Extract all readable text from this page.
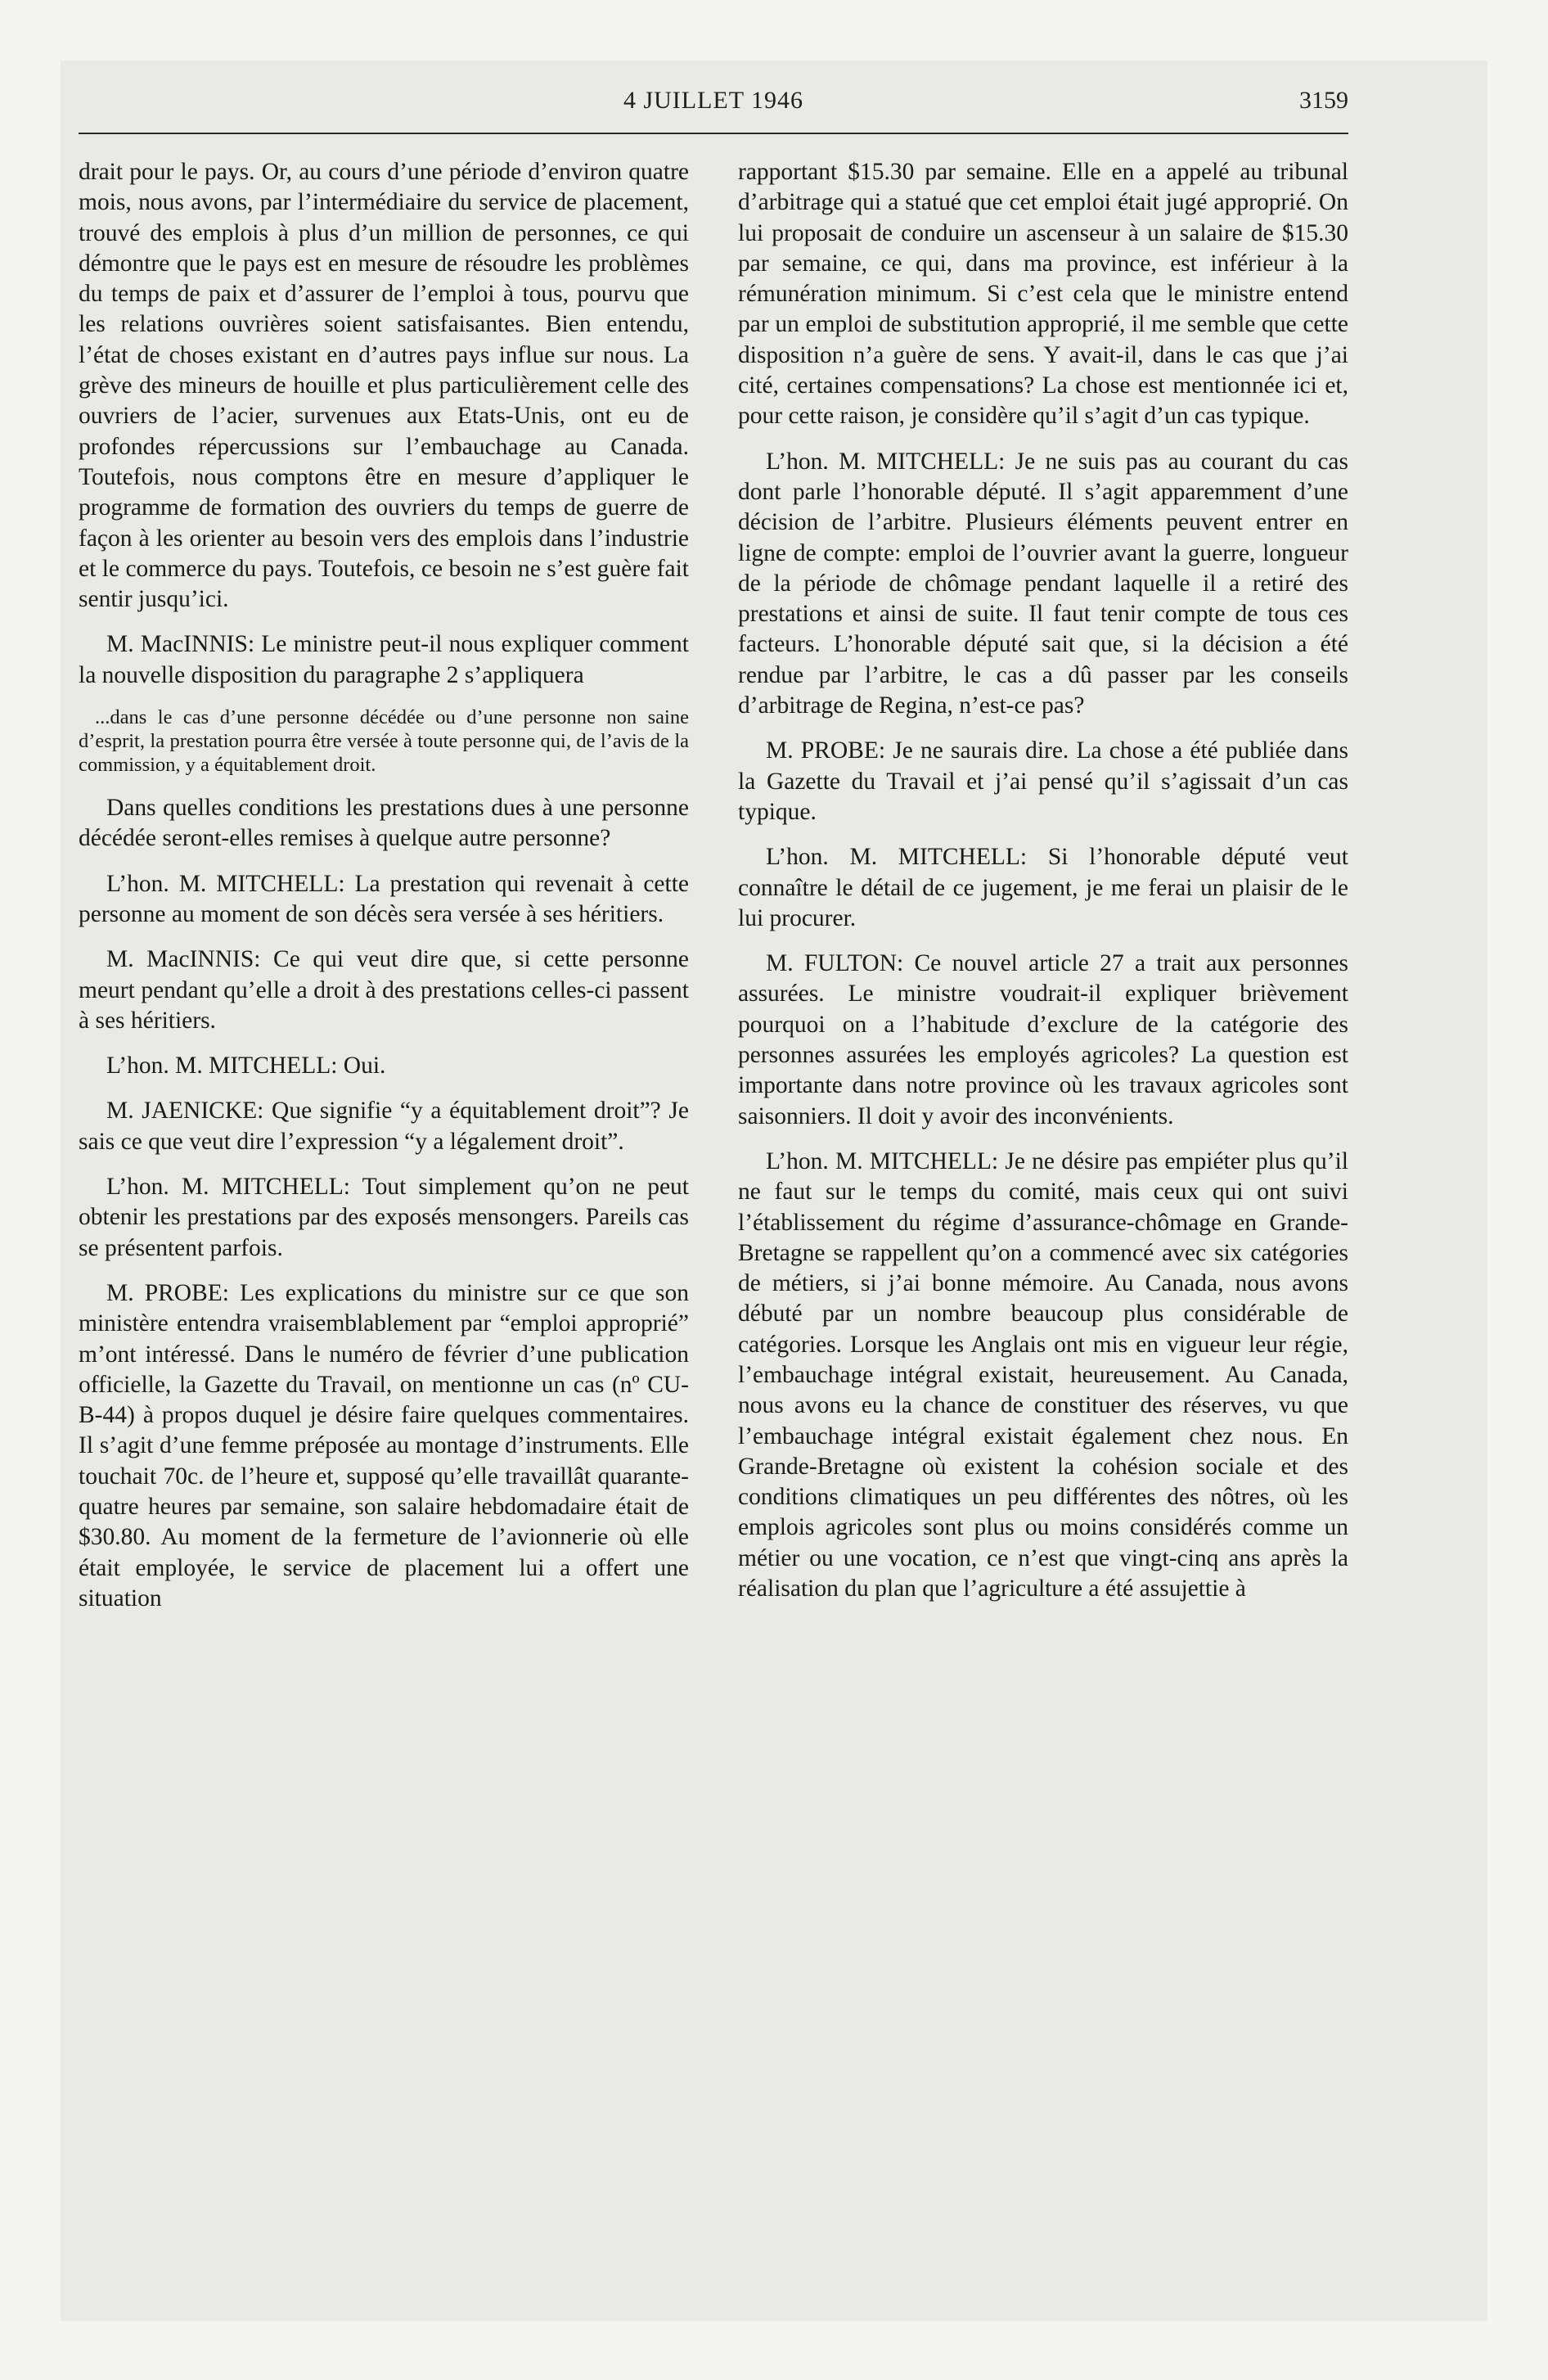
4 JUILLET 1946	3159

drait pour le pays. Or, au cours d’une période d’environ quatre mois, nous avons, par l’intermédiaire du service de placement, trouvé des emplois à plus d’un million de personnes, ce qui démontre que le pays est en mesure de résoudre les problèmes du temps de paix et d’assurer de l’emploi à tous, pourvu que les relations ouvrières soient satisfaisantes. Bien entendu, l’état de choses existant en d’autres pays influe sur nous. La grève des mineurs de houille et plus particulièrement celle des ouvriers de l’acier, survenues aux Etats-Unis, ont eu de profondes répercussions sur l’embauchage au Canada. Toutefois, nous comptons être en mesure d’appliquer le programme de formation des ouvriers du temps de guerre de façon à les orienter au besoin vers des emplois dans l’industrie et le commerce du pays. Toutefois, ce besoin ne s’est guère fait sentir jusqu’ici.

M. MacINNIS: Le ministre peut-il nous expliquer comment la nouvelle disposition du paragraphe 2 s’appliquera

...dans le cas d’une personne décédée ou d’une personne non saine d’esprit, la prestation pourra être versée à toute personne qui, de l’avis de la commission, y a équitablement droit.

Dans quelles conditions les prestations dues à une personne décédée seront-elles remises à quelque autre personne?

L’hon. M. MITCHELL: La prestation qui revenait à cette personne au moment de son décès sera versée à ses héritiers.

M. MacINNIS: Ce qui veut dire que, si cette personne meurt pendant qu’elle a droit à des prestations celles-ci passent à ses héritiers.

L’hon. M. MITCHELL: Oui.

M. JAENICKE: Que signifie “y a équitablement droit”? Je sais ce que veut dire l’expression “y a légalement droit”.

L’hon. M. MITCHELL: Tout simplement qu’on ne peut obtenir les prestations par des exposés mensongers. Pareils cas se présentent parfois.

M. PROBE: Les explications du ministre sur ce que son ministère entendra vraisemblablement par “emploi approprié” m’ont intéressé. Dans le numéro de février d’une publication officielle, la Gazette du Travail, on mentionne un cas (nº CU-B-44) à propos duquel je désire faire quelques commentaires. Il s’agit d’une femme préposée au montage d’instruments. Elle touchait 70c. de l’heure et, supposé qu’elle travaillât quarante-quatre heures par semaine, son salaire hebdomadaire était de $30.80. Au moment de la fermeture de l’avionnerie où elle était employée, le service de placement lui a offert une situation

rapportant $15.30 par semaine. Elle en a appelé au tribunal d’arbitrage qui a statué que cet emploi était jugé approprié. On lui proposait de conduire un ascenseur à un salaire de $15.30 par semaine, ce qui, dans ma province, est inférieur à la rémunération minimum. Si c’est cela que le ministre entend par un emploi de substitution approprié, il me semble que cette disposition n’a guère de sens. Y avait-il, dans le cas que j’ai cité, certaines compensations? La chose est mentionnée ici et, pour cette raison, je considère qu’il s’agit d’un cas typique.

L’hon. M. MITCHELL: Je ne suis pas au courant du cas dont parle l’honorable député. Il s’agit apparemment d’une décision de l’arbitre. Plusieurs éléments peuvent entrer en ligne de compte: emploi de l’ouvrier avant la guerre, longueur de la période de chômage pendant laquelle il a retiré des prestations et ainsi de suite. Il faut tenir compte de tous ces facteurs. L’honorable député sait que, si la décision a été rendue par l’arbitre, le cas a dû passer par les conseils d’arbitrage de Regina, n’est-ce pas?

M. PROBE: Je ne saurais dire. La chose a été publiée dans la Gazette du Travail et j’ai pensé qu’il s’agissait d’un cas typique.

L’hon. M. MITCHELL: Si l’honorable député veut connaître le détail de ce jugement, je me ferai un plaisir de le lui procurer.

M. FULTON: Ce nouvel article 27 a trait aux personnes assurées. Le ministre voudrait-il expliquer brièvement pourquoi on a l’habitude d’exclure de la catégorie des personnes assurées les employés agricoles? La question est importante dans notre province où les travaux agricoles sont saisonniers. Il doit y avoir des inconvénients.

L’hon. M. MITCHELL: Je ne désire pas empiéter plus qu’il ne faut sur le temps du comité, mais ceux qui ont suivi l’établissement du régime d’assurance-chômage en Grande-Bretagne se rappellent qu’on a commencé avec six catégories de métiers, si j’ai bonne mémoire. Au Canada, nous avons débuté par un nombre beaucoup plus considérable de catégories. Lorsque les Anglais ont mis en vigueur leur régie, l’embauchage intégral existait, heureusement. Au Canada, nous avons eu la chance de constituer des réserves, vu que l’embauchage intégral existait également chez nous. En Grande-Bretagne où existent la cohésion sociale et des conditions climatiques un peu différentes des nôtres, où les emplois agricoles sont plus ou moins considérés comme un métier ou une vocation, ce n’est que vingt-cinq ans après la réalisation du plan que l’agriculture a été assujettie à
